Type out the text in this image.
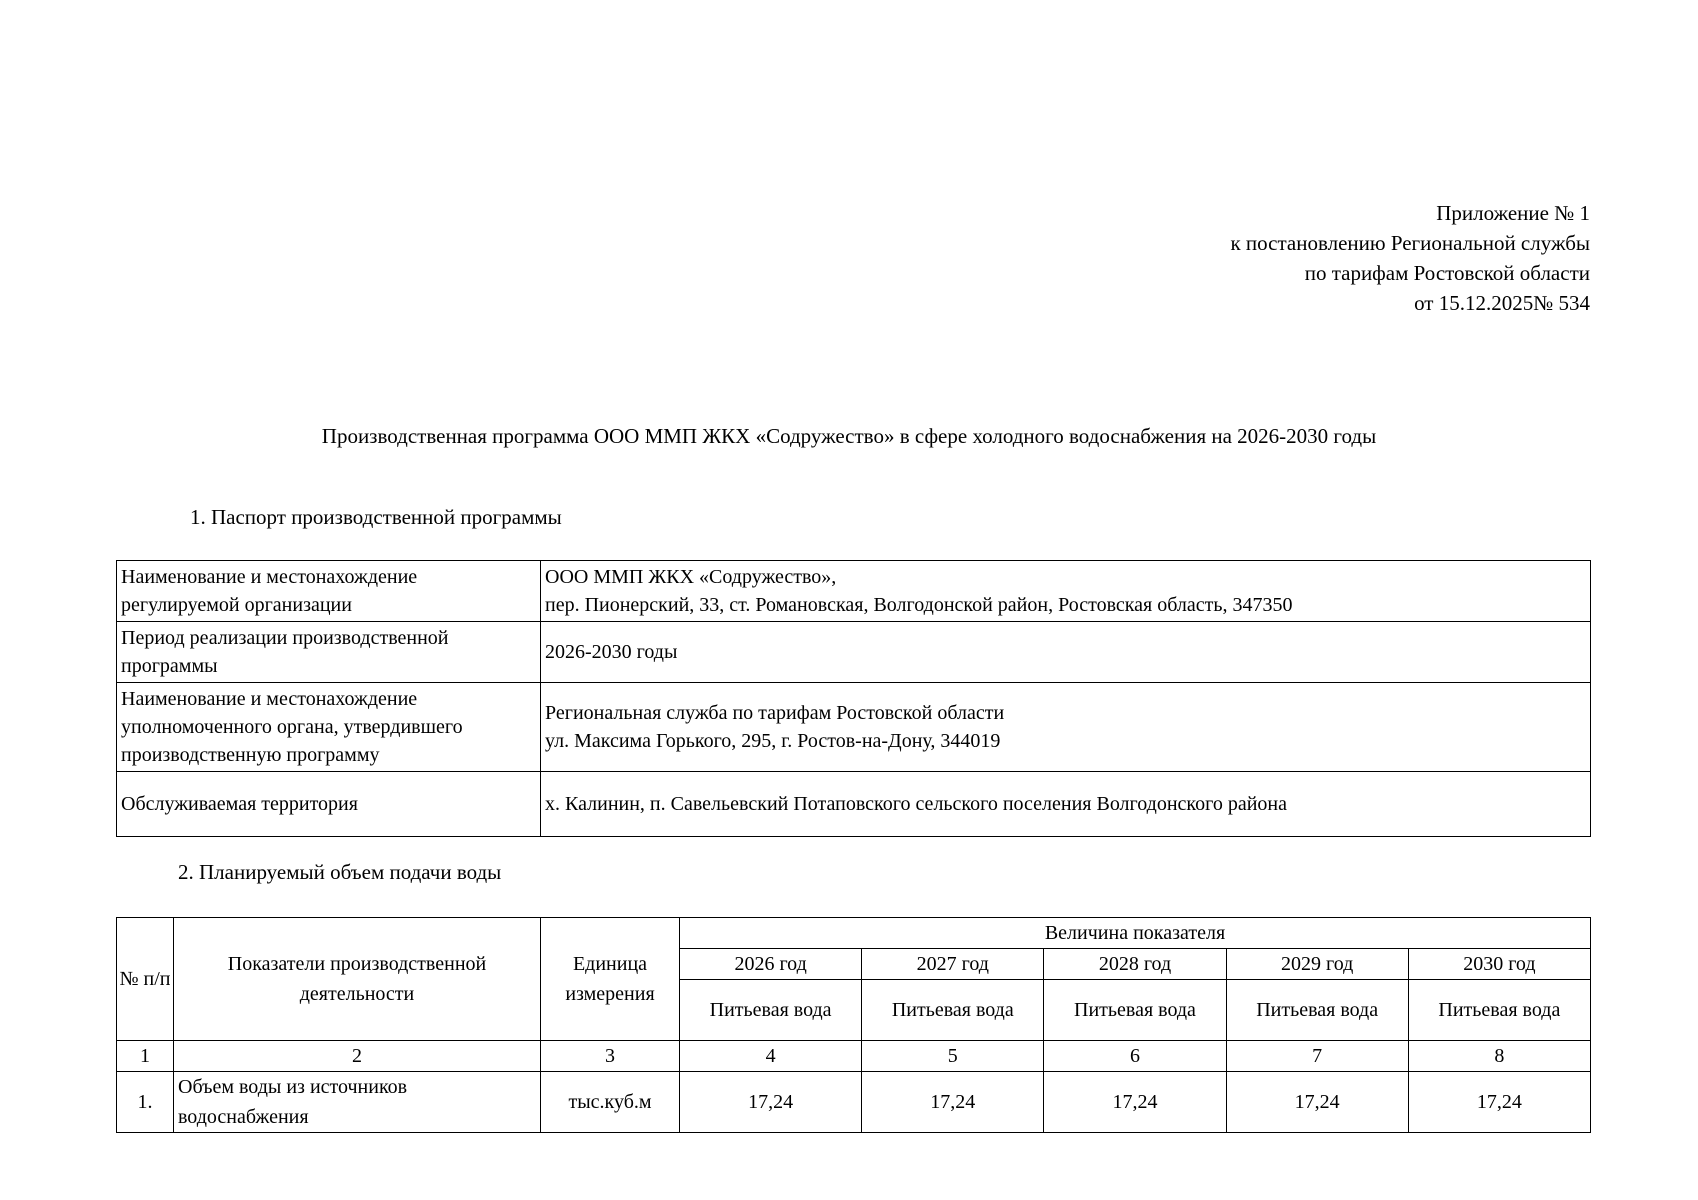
Приложение № 1
к постановлению Региональной службы
по тарифам Ростовской области
от 15.12.2025№ 534
Производственная программа ООО ММП ЖКХ «Содружество» в сфере холодного водоснабжения на 2026-2030 годы
1. Паспорт производственной программы
Наименование и местонахождение регулируемой организации	ООО ММП ЖКХ «Содружество»,
пер. Пионерский, 33, ст. Романовская, Волгодонской район, Ростовская область, 347350

Период реализации производственной программы	2026-2030 годы

Наименование и местонахождение уполномоченного органа, утвердившего производственную программу	Региональная служба по тарифам Ростовской области
ул. Максима Горького, 295, г. Ростов-на-Дону, 344019

Обслуживаемая территория	х. Калинин, п. Савельевский Потаповского сельского поселения Волгодонского района
2. Планируемый объем подачи воды
№ п/п	Показатели производственной деятельности	Единица измерения	Величина показателя				
			2026 год	2027 год	2028 год	2029 год	2030 год
			Питьевая вода	Питьевая вода	Питьевая вода	Питьевая вода	Питьевая вода
1	2	3	4	5	6	7	8
1.	Объем воды из источников водоснабжения	тыс.куб.м	17,24	17,24	17,24	17,24	17,24
